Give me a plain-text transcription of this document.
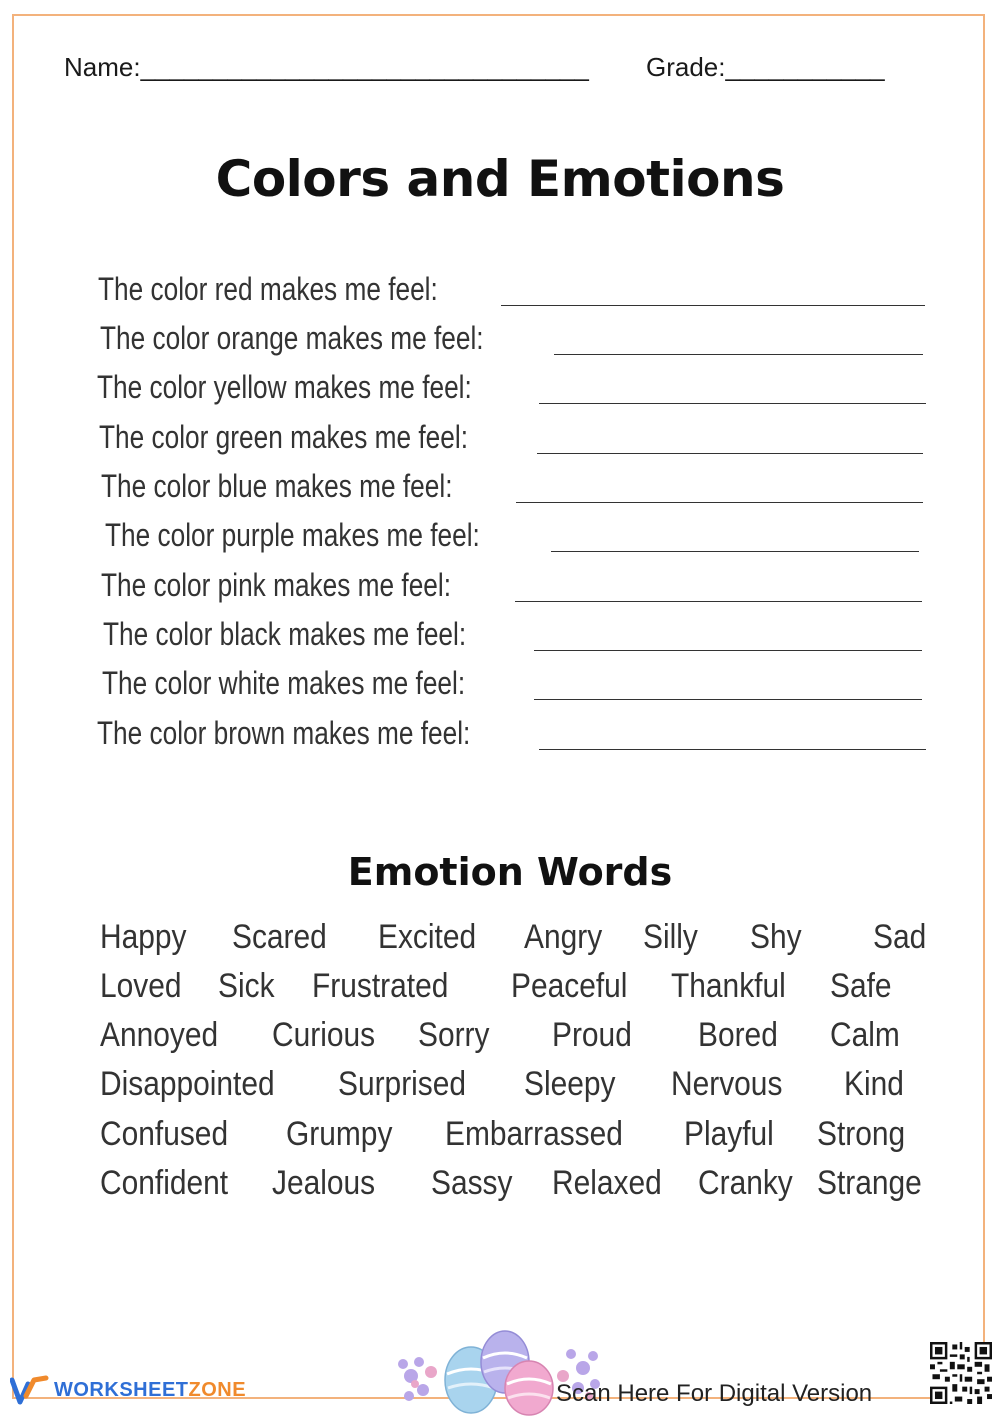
Name:_______________________________ Grade:___________
Colors and Emotions
The color red makes me feel:
The color orange makes me feel:
The color yellow makes me feel:
The color green makes me feel:
The color blue makes me feel:
The color purple makes me feel:
The color pink makes me feel:
The color black makes me feel:
The color white makes me feel:
The color brown makes me feel:
Emotion Words
Happy Scared Excited Angry Silly Shy Sad
Loved Sick Frustrated Peaceful Thankful Safe
Annoyed Curious Sorry Proud Bored Calm
Disappointed Surprised Sleepy Nervous Kind
Confused Grumpy Embarrassed Playful Strong
Confident Jealous Sassy Relaxed Cranky Strange
WORKSHEETZONE	Scan Here For Digital Version
